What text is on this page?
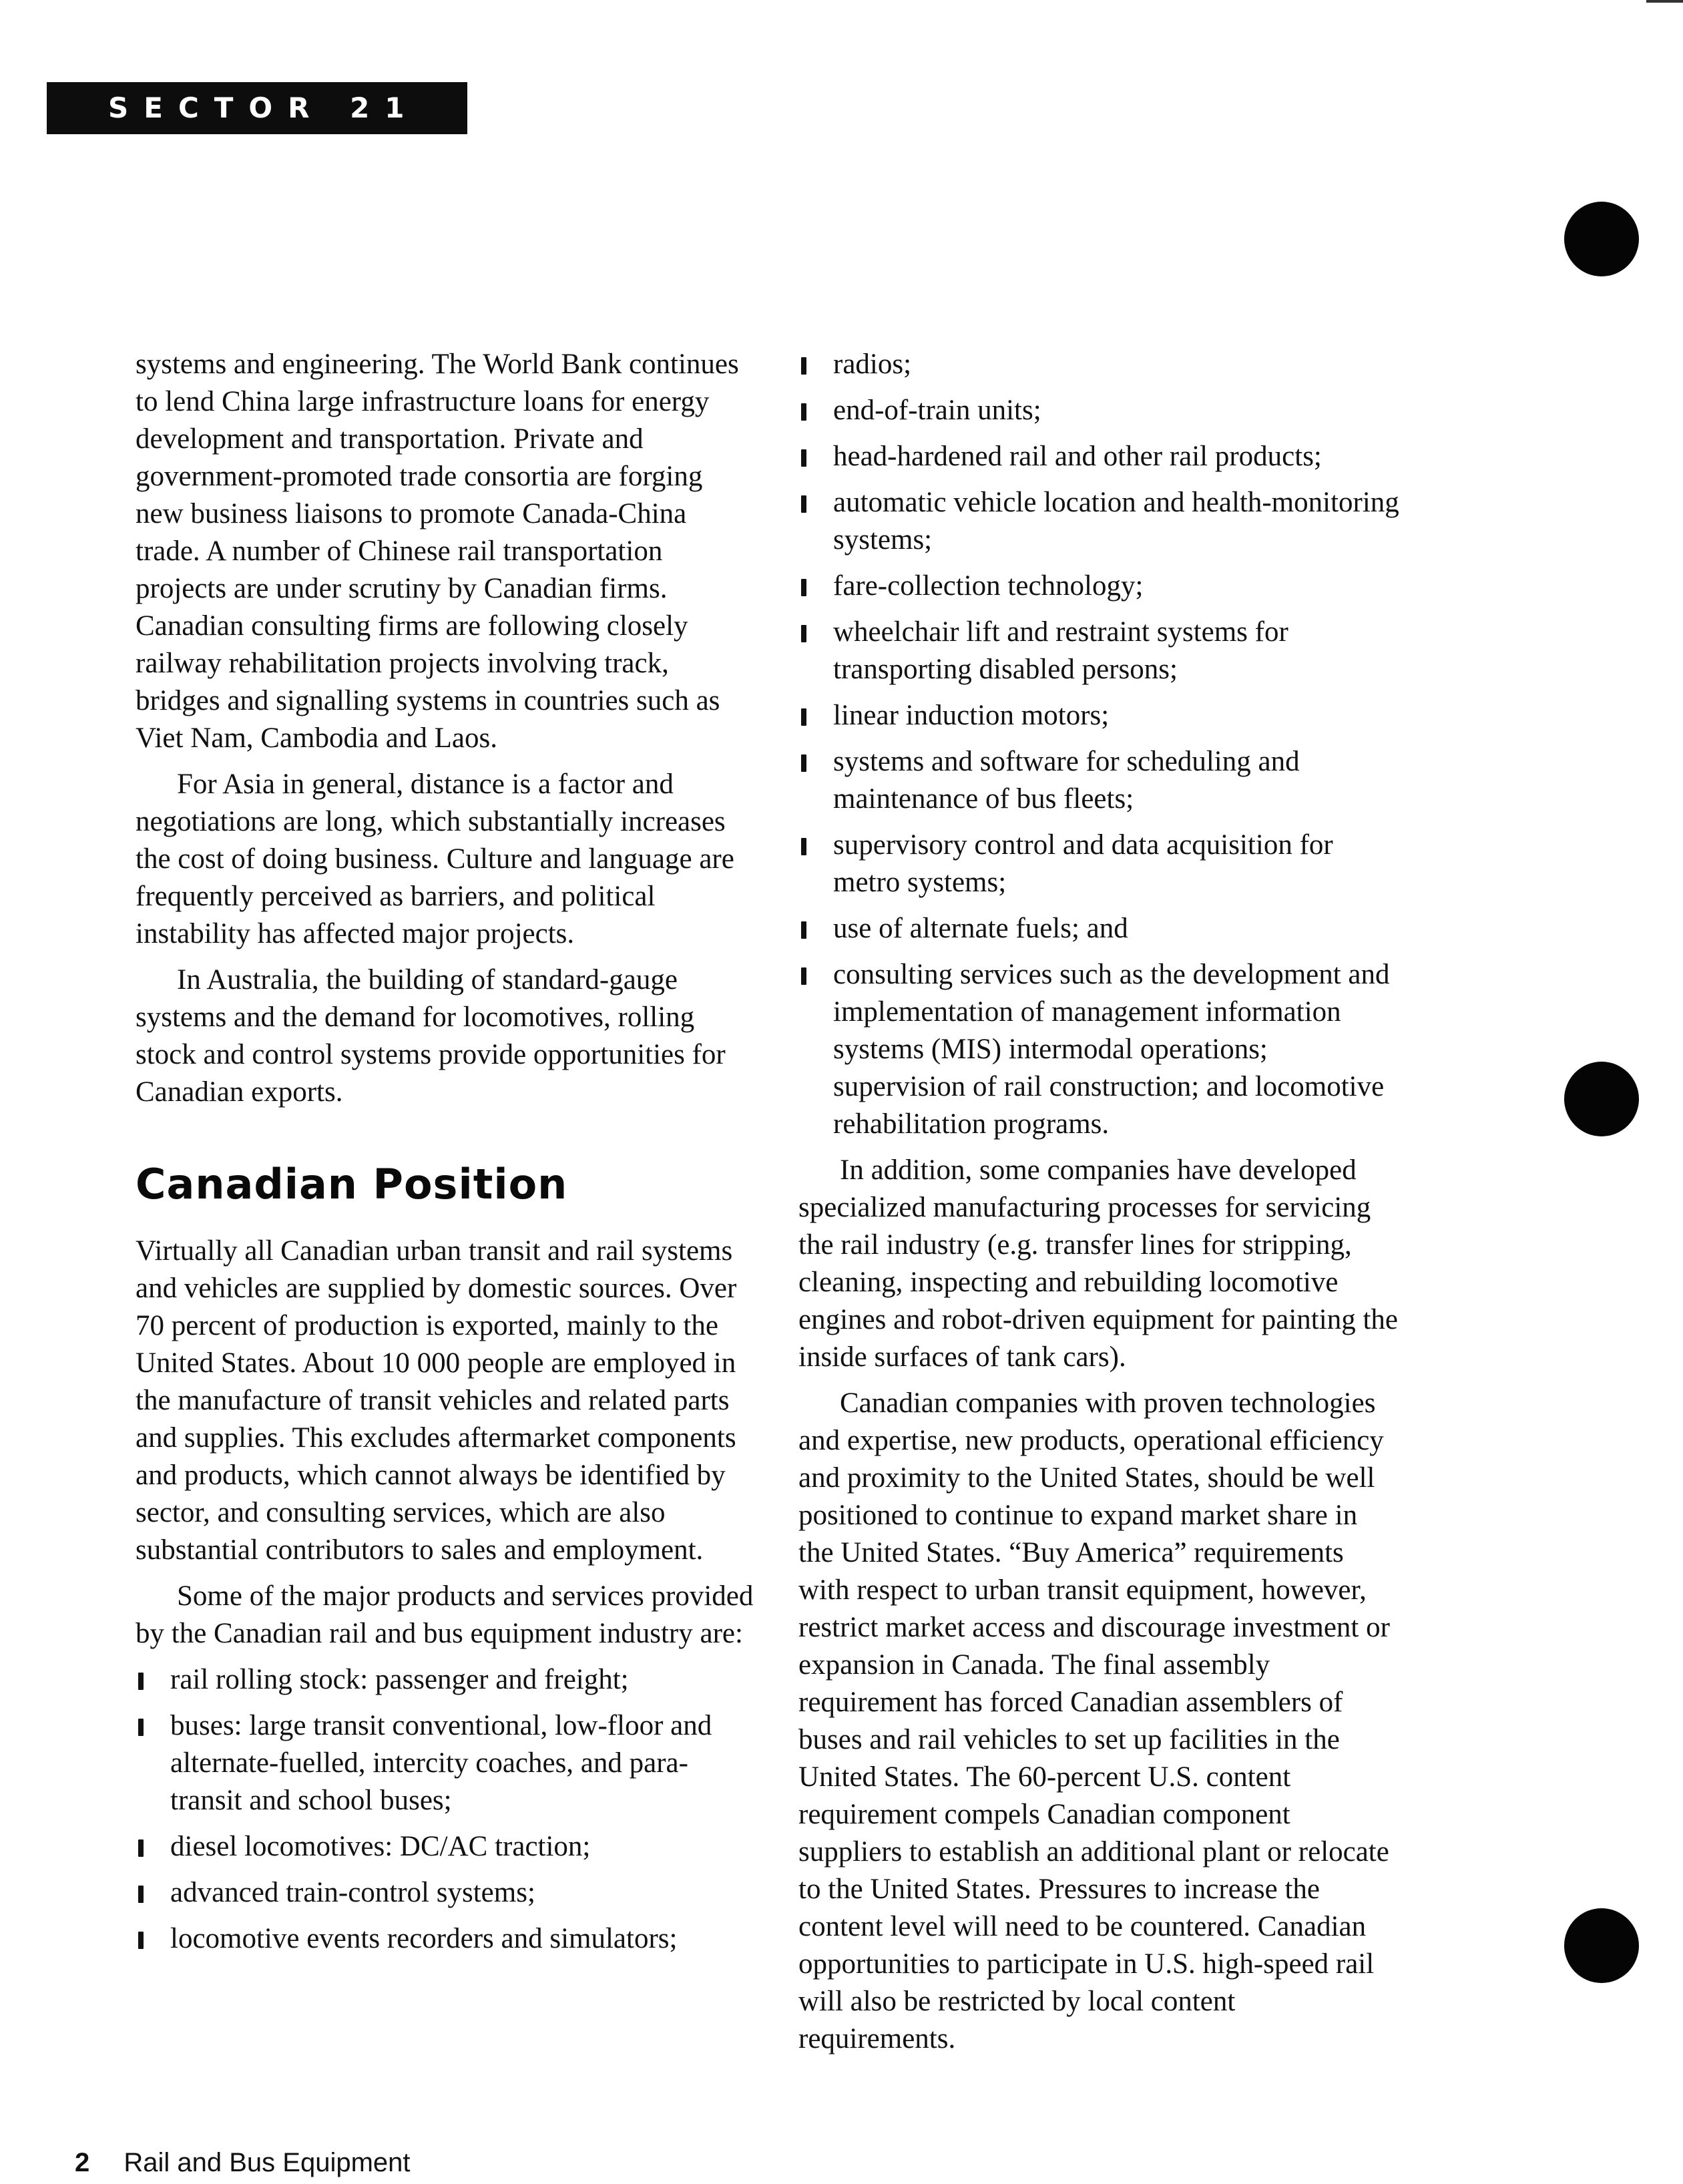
SECTOR 21

systems and engineering. The World Bank continues to lend China large infrastructure loans for energy development and transportation. Private and government-promoted trade consortia are forging new business liaisons to promote Canada-China trade. A number of Chinese rail transportation projects are under scrutiny by Canadian firms. Canadian consulting firms are following closely railway rehabilitation projects involving track, bridges and signalling systems in countries such as Viet Nam, Cambodia and Laos.

For Asia in general, distance is a factor and negotiations are long, which substantially increases the cost of doing business. Culture and language are frequently perceived as barriers, and political instability has affected major projects.

In Australia, the building of standard-gauge systems and the demand for locomotives, rolling stock and control systems provide opportunities for Canadian exports.

Canadian Position

Virtually all Canadian urban transit and rail systems and vehicles are supplied by domestic sources. Over 70 percent of production is exported, mainly to the United States. About 10 000 people are employed in the manufacture of transit vehicles and related parts and supplies. This excludes aftermarket components and products, which cannot always be identified by sector, and consulting services, which are also substantial contributors to sales and employment.

Some of the major products and services provided by the Canadian rail and bus equipment industry are:

rail rolling stock: passenger and freight;
buses: large transit conventional, low-floor and alternate-fuelled, intercity coaches, and para-transit and school buses;
diesel locomotives: DC/AC traction;
advanced train-control systems;
locomotive events recorders and simulators;
radios;
end-of-train units;
head-hardened rail and other rail products;
automatic vehicle location and health-monitoring systems;
fare-collection technology;
wheelchair lift and restraint systems for transporting disabled persons;
linear induction motors;
systems and software for scheduling and maintenance of bus fleets;
supervisory control and data acquisition for metro systems;
use of alternate fuels; and
consulting services such as the development and implementation of management information systems (MIS) intermodal operations; supervision of rail construction; and locomotive rehabilitation programs.

In addition, some companies have developed specialized manufacturing processes for servicing the rail industry (e.g. transfer lines for stripping, cleaning, inspecting and rebuilding locomotive engines and robot-driven equipment for painting the inside surfaces of tank cars).

Canadian companies with proven technologies and expertise, new products, operational efficiency and proximity to the United States, should be well positioned to continue to expand market share in the United States. “Buy America” requirements with respect to urban transit equipment, however, restrict market access and discourage investment or expansion in Canada. The final assembly requirement has forced Canadian assemblers of buses and rail vehicles to set up facilities in the United States. The 60-percent U.S. content requirement compels Canadian component suppliers to establish an additional plant or relocate to the United States. Pressures to increase the content level will need to be countered. Canadian opportunities to participate in U.S. high-speed rail will also be restricted by local content requirements.

2 Rail and Bus Equipment
